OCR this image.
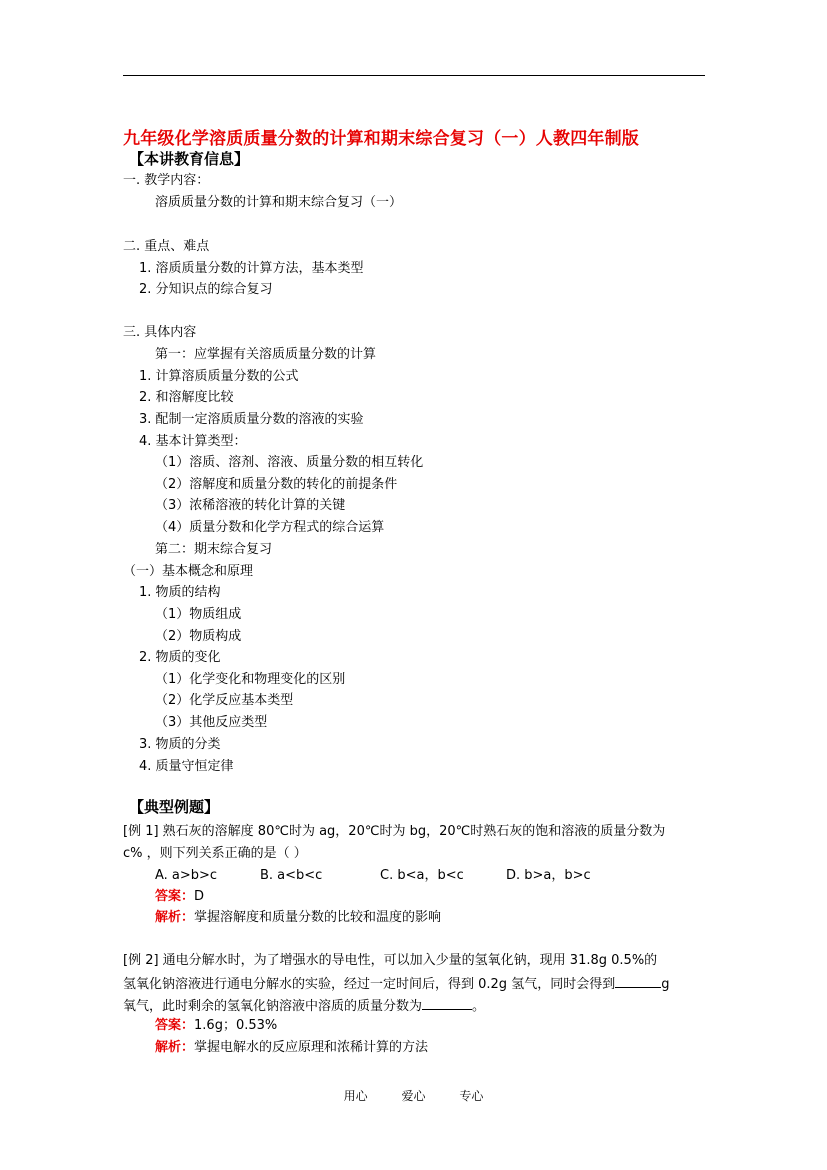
九年级化学溶质质量分数的计算和期末综合复习（一）人教四年制版
【本讲教育信息】
一. 教学内容：
溶质质量分数的计算和期末综合复习（一）
二. 重点、难点
1. 溶质质量分数的计算方法，基本类型
2. 分知识点的综合复习
三. 具体内容
第一：应掌握有关溶质质量分数的计算
1. 计算溶质质量分数的公式
2. 和溶解度比较
3. 配制一定溶质质量分数的溶液的实验
4. 基本计算类型：
（1）溶质、溶剂、溶液、质量分数的相互转化
（2）溶解度和质量分数的转化的前提条件
（3）浓稀溶液的转化计算的关键
（4）质量分数和化学方程式的综合运算
第二：期末综合复习
（一）基本概念和原理
1. 物质的结构
（1）物质组成
（2）物质构成
2. 物质的变化
（1）化学变化和物理变化的区别
（2）化学反应基本类型
（3）其他反应类型
3. 物质的分类
4. 质量守恒定律
【典型例题】
[例 1] 熟石灰的溶解度 80℃时为 ag，20℃时为 bg，20℃时熟石灰的饱和溶液的质量分数为
c% ，则下列关系正确的是（ ）
A. a>b>c	B. a<b<c	C. b<a，b<c	D. b>a，b>c
答案：D
解析：掌握溶解度和质量分数的比较和温度的影响
[例 2] 通电分解水时，为了增强水的导电性，可以加入少量的氢氧化钠，现用 31.8g 0.5%的
氢氧化钠溶液进行通电分解水的实验，经过一定时间后，得到 0.2g 氢气，同时会得到	g
氧气，此时剩余的氢氧化钠溶液中溶质的质量分数为	。
答案：1.6g；0.53%
解析：掌握电解水的反应原理和浓稀计算的方法
用心	爱心	专心
